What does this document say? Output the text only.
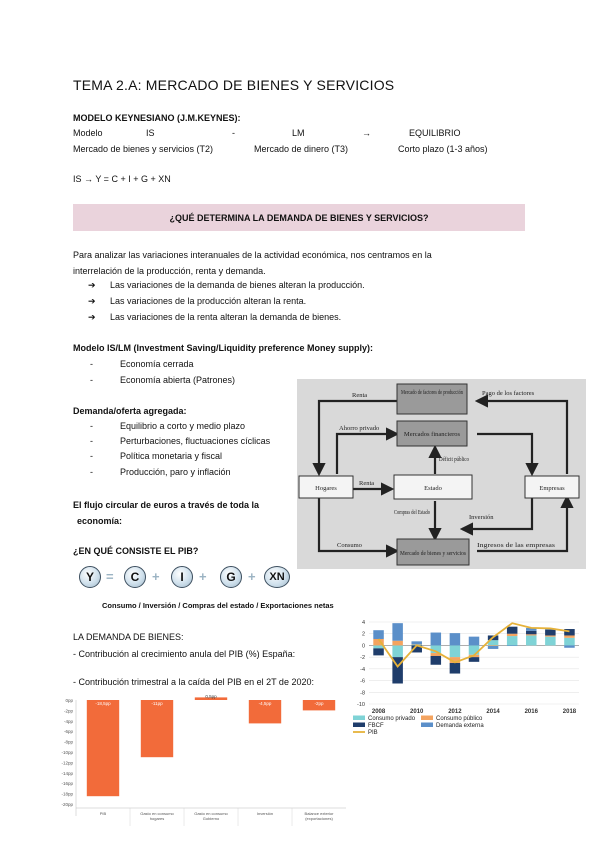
TEMA 2.A: MERCADO DE BIENES Y SERVICIOS
MODELO KEYNESIANO (J.M.KEYNES):
Modelo	IS	-	LM	→	EQUILIBRIO
Mercado de bienes y servicios (T2)	Mercado de dinero (T3)	Corto plazo (1-3 años)
IS → Y = C + I + G + XN
¿QUÉ DETERMINA LA DEMANDA DE BIENES Y SERVICIOS?
Para analizar las variaciones interanuales de la actividad económica, nos centramos en la
interrelación de la producción, renta y demanda.
➔ Las variaciones de la demanda de bienes alteran la producción.
➔ Las variaciones de la producción alteran la renta.
➔ Las variaciones de la renta alteran la demanda de bienes.
Modelo IS/LM (Investment Saving/Liquidity preference Money supply):
-	Economía cerrada
-	Economía abierta (Patrones)
Demanda/oferta agregada:
-	Equilibrio a corto y medio plazo
-	Perturbaciones, fluctuaciones cíclicas
-	Política monetaria y fiscal
-	Producción, paro y inflación
El flujo circular de euros a través de toda la
economía:
Mercado de factores de producción
Mercados financieros
Hogares	Estado	Empresas
Mercado de bienes y servicios
Renta	Pago de los factores
Ahorro privado
Déficit público
Renta
Compras del Estado
Inversión
Consumo	Ingresos de las empresas
¿EN QUÉ CONSISTE EL PIB?
Y =	C +	I	+	G +	XN
Consumo / Inversión / Compras del estado / Exportaciones netas
LA DEMANDA DE BIENES:
- Contribución al crecimiento anula del PIB (%) España:
- Contribución trimestral a la caída del PIB en el 2T de 2020:
4
2
0
-2
-4
-6
-8
-10
2008	2010	2012	2014	2016	2018
Consumo privado	Consumo público
FBCF	Demanda externa
PIB
0pp
-2pp
-4pp
-6pp
-8pp
-10pp
-12pp
-14pp
-16pp
-18pp
-20pp
-18,5pp
PIB
-11pp
Gasto en consumo
hogares
0,5pp
Gasto en consumo
Gobierno
-4,5pp
Inversión
-2pp
Balance exterior
(exportaciones)
